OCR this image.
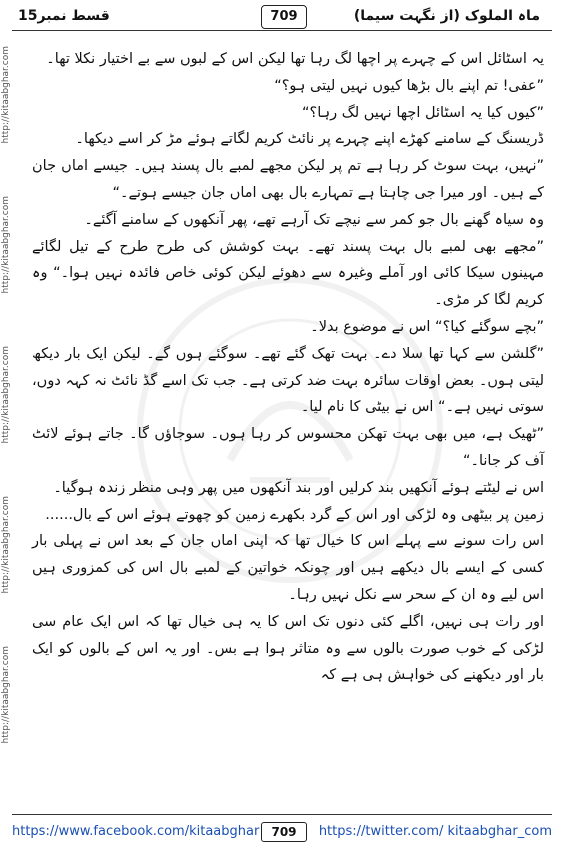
قسط نمبر15	709	ماہ الملوک (از نگہت سیما)
http://kitaabghar.com
http://kitaabghar.com
http://kitaabghar.com
http://kitaabghar.com
http://kitaabghar.com

یہ اسٹائل اس کے چہرے پر اچھا لگ رہا تھا لیکن اس کے لبوں سے بے اختیار نکلا تھا۔

”عفی! تم اپنے بال بڑھا کیوں نہیں لیتی ہو؟“

”کیوں کیا یہ اسٹائل اچھا نہیں لگ رہا؟“

ڈریسنگ کے سامنے کھڑے اپنے چہرے پر نائٹ کریم لگاتے ہوئے مڑ کر اسے دیکھا۔

”نہیں، بہت سوٹ کر رہا ہے تم پر لیکن مجھے لمبے بال پسند ہیں۔ جیسے اماں جان کے ہیں۔ اور میرا جی چاہتا ہے تمہارے بال بھی اماں جان جیسے ہوتے۔“

وہ سیاہ گھنے بال جو کمر سے نیچے تک آرہے تھے، پھر آنکھوں کے سامنے آگئے۔

”مجھے بھی لمبے بال بہت پسند تھے۔ بہت کوشش کی طرح طرح کے تیل لگائے مہینوں سیکا کائی اور آملے وغیرہ سے دھوئے لیکن کوئی خاص فائدہ نہیں ہوا۔“ وہ کریم لگا کر مڑی۔

”بچے سوگئے کیا؟“ اس نے موضوع بدلا۔

”گلشن سے کہا تھا سلا دے۔ بہت تھک گئے تھے۔ سوگئے ہوں گے۔ لیکن ایک بار دیکھ لیتی ہوں۔ بعض اوقات سائرہ بہت ضد کرتی ہے۔ جب تک اسے گڈ نائٹ نہ کہہ دوں، سوتی نہیں ہے۔“ اس نے بیٹی کا نام لیا۔

”ٹھیک ہے، میں بھی بہت تھکن محسوس کر رہا ہوں۔ سوجاؤں گا۔ جاتے ہوئے لائٹ آف کر جانا۔“

اس نے لیٹتے ہوئے آنکھیں بند کرلیں اور بند آنکھوں میں پھر وہی منظر زندہ ہوگیا۔

زمین پر بیٹھی وہ لڑکی اور اس کے گرد بکھرے زمین کو چھوتے ہوئے اس کے بال......

اس رات سونے سے پہلے اس کا خیال تھا کہ اپنی اماں جان کے بعد اس نے پہلی بار کسی کے ایسے بال دیکھے ہیں اور چونکہ خواتین کے لمبے بال اس کی کمزوری ہیں اس لیے وہ ان کے سحر سے نکل نہیں رہا۔

اور رات ہی نہیں، اگلے کئی دنوں تک اس کا یہ ہی خیال تھا کہ اس ایک عام سی لڑکی کے خوب صورت بالوں سے وہ متاثر ہوا ہے بس۔ اور یہ اس کے بالوں کو ایک بار اور دیکھنے کی خواہش ہی ہے کہ

https://www.facebook.com/kitaabghar	709	https://twitter.com/ kitaabghar_com
